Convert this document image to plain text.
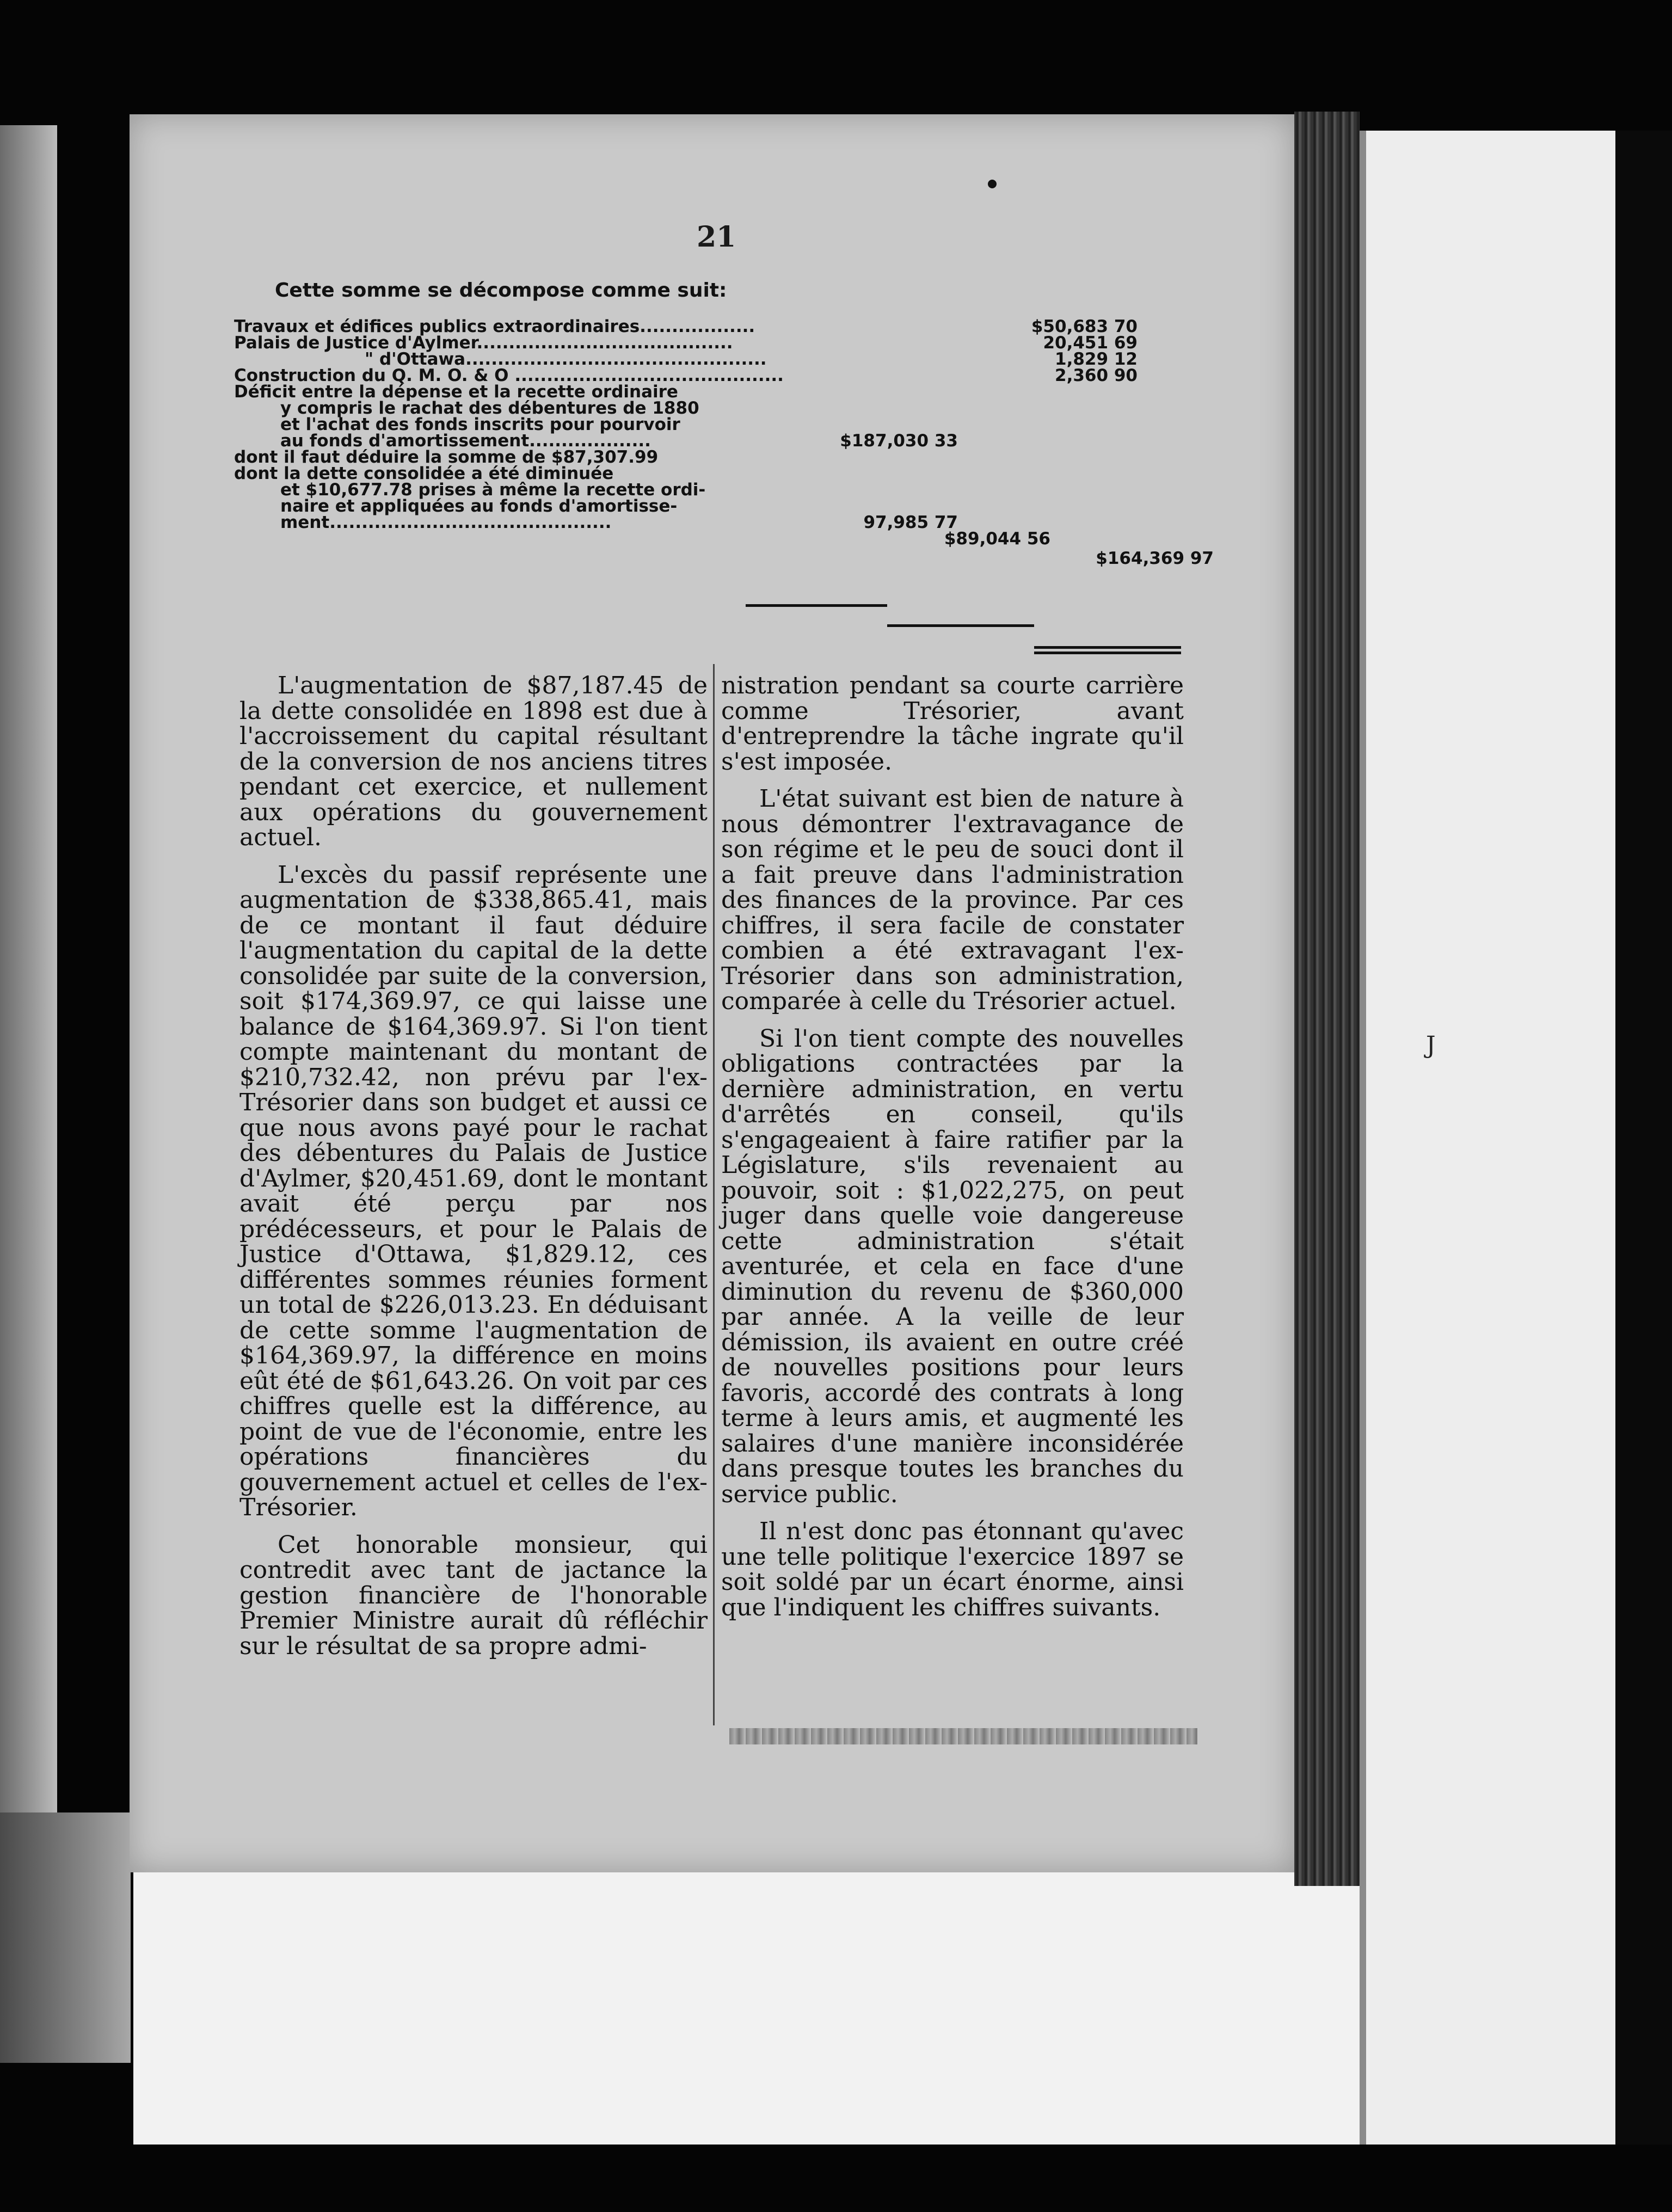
J
21
Cette somme se décompose comme suit:
Travaux et édifices publics extraordinaires..................	$50,683 70
Palais de Justice d'Aylmer........................................	20,451 69
" d'Ottawa...............................................	1,829 12
Construction du Q. M. O. & O ..........................................	2,360 90
Déficit entre la dépense et la recette ordinaire
y compris le rachat des débentures de 1880
et l'achat des fonds inscrits pour pourvoir
au fonds d'amortissement...................	$187,030 33
dont il faut déduire la somme de $87,307.99
dont la dette consolidée a été diminuée
et $10,677.78 prises à même la recette ordi-
naire et appliquées au fonds d'amortisse-
ment............................................	97,985 77
$89,044 56
$164,369 97

L'augmentation de $87,187.45 de la dette consolidée en 1898 est due à l'accroissement du capital résultant de la conversion de nos anciens titres pendant cet exercice, et nullement aux opérations du gouvernement actuel.

L'excès du passif représente une augmentation de $338,865.41, mais de ce montant il faut déduire l'augmentation du capital de la dette consolidée par suite de la conversion, soit $174,369.97, ce qui laisse une balance de $164,369.97. Si l'on tient compte maintenant du montant de $210,732.42, non prévu par l'ex-Trésorier dans son budget et aussi ce que nous avons payé pour le rachat des débentures du Palais de Justice d'Aylmer, $20,451.69, dont le montant avait été perçu par nos prédécesseurs, et pour le Palais de Justice d'Ottawa, $1,829.12, ces différentes sommes réunies forment un total de $226,013.23. En déduisant de cette somme l'augmentation de $164,369.97, la différence en moins eût été de $61,643.26. On voit par ces chiffres quelle est la différence, au point de vue de l'économie, entre les opérations financières du gouvernement actuel et celles de l'ex-Trésorier.

Cet honorable monsieur, qui contredit avec tant de jactance la gestion financière de l'honorable Premier Ministre aurait dû réfléchir sur le résultat de sa propre admi-

nistration pendant sa courte carrière comme Trésorier, avant d'entreprendre la tâche ingrate qu'il s'est imposée.

L'état suivant est bien de nature à nous démontrer l'extravagance de son régime et le peu de souci dont il a fait preuve dans l'administration des finances de la province. Par ces chiffres, il sera facile de constater combien a été extravagant l'ex-Trésorier dans son administration, comparée à celle du Trésorier actuel.

Si l'on tient compte des nouvelles obligations contractées par la dernière administration, en vertu d'arrêtés en conseil, qu'ils s'engageaient à faire ratifier par la Législature, s'ils revenaient au pouvoir, soit : $1,022,275, on peut juger dans quelle voie dangereuse cette administration s'était aventurée, et cela en face d'une diminution du revenu de $360,000 par année. A la veille de leur démission, ils avaient en outre créé de nouvelles positions pour leurs favoris, accordé des contrats à long terme à leurs amis, et augmenté les salaires d'une manière inconsidérée dans presque toutes les branches du service public.

Il n'est donc pas étonnant qu'avec une telle politique l'exercice 1897 se soit soldé par un écart énorme, ainsi que l'indiquent les chiffres suivants.
